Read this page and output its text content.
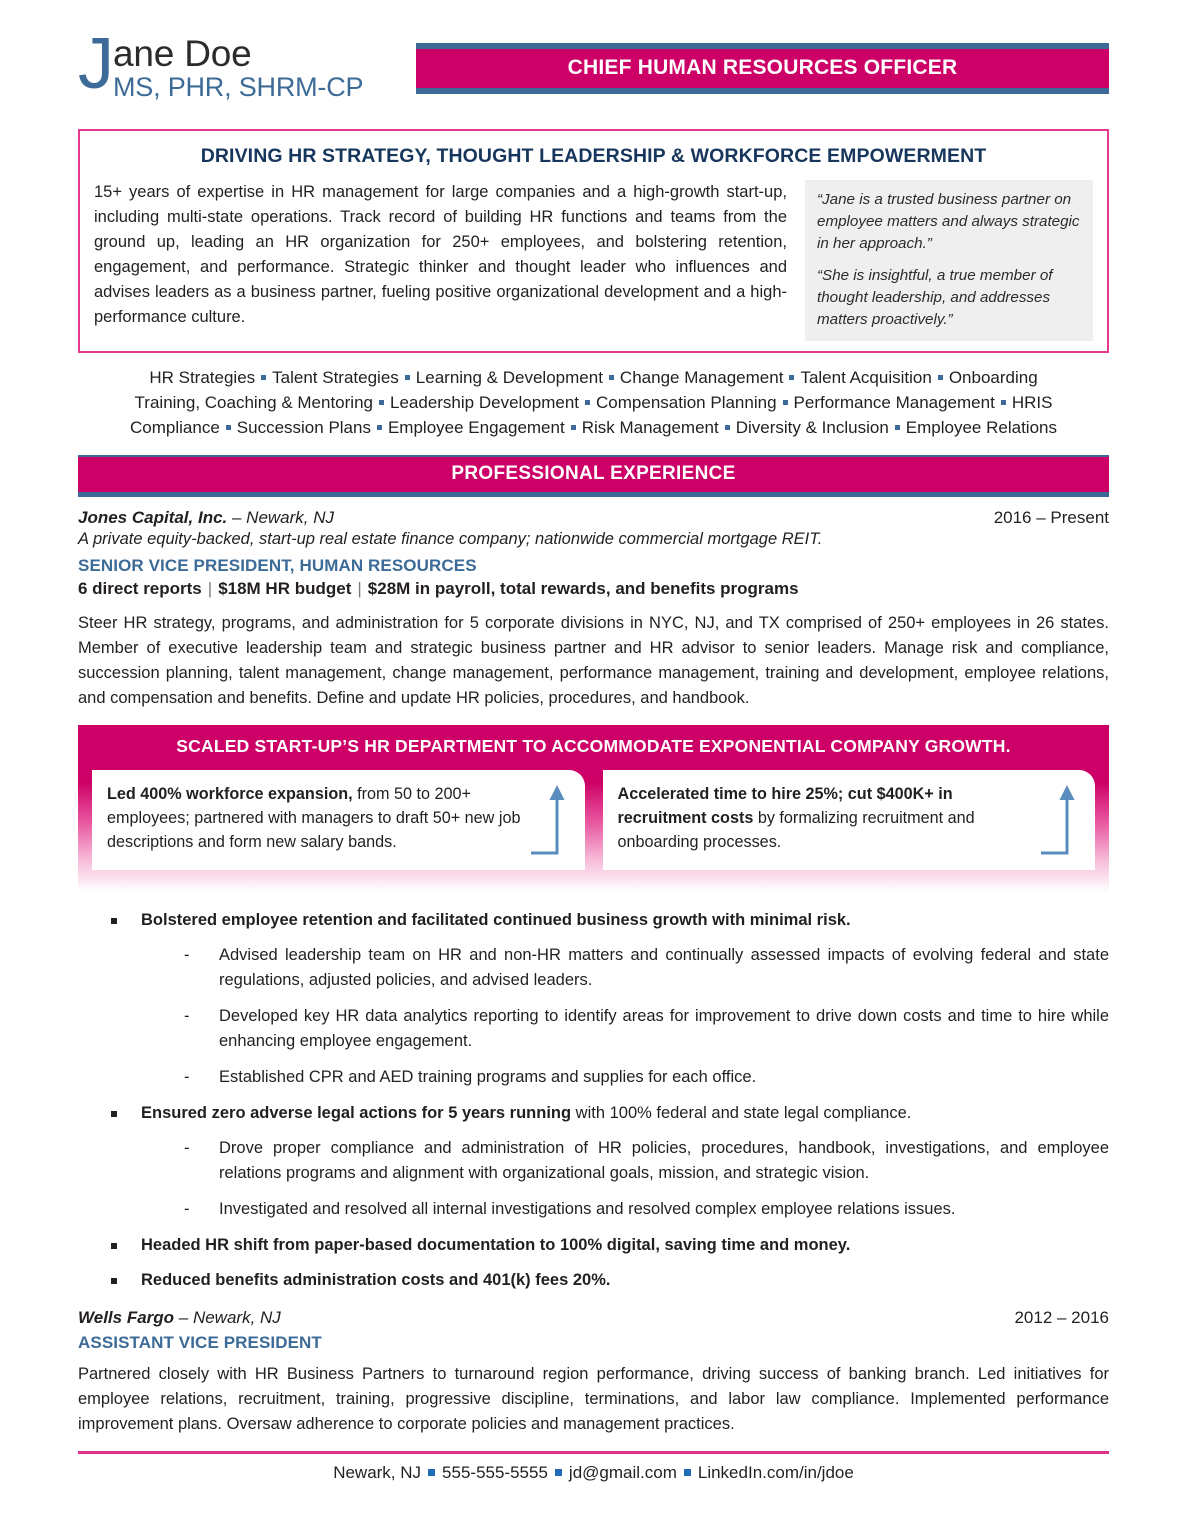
J ane Doe
MS, PHR, SHRM-CP
CHIEF HUMAN RESOURCES OFFICER
DRIVING HR STRATEGY, THOUGHT LEADERSHIP & WORKFORCE EMPOWERMENT
15+ years of expertise in HR management for large companies and a high-growth start-up, including multi-state operations. Track record of building HR functions and teams from the ground up, leading an HR organization for 250+ employees, and bolstering retention, engagement, and performance. Strategic thinker and thought leader who influences and advises leaders as a business partner, fueling positive organizational development and a high-performance culture.

“Jane is a trusted business partner on employee matters and always strategic in her approach.”

“She is insightful, a true member of thought leadership, and addresses matters proactively.”

HR Strategies Talent Strategies Learning & Development Change Management Talent Acquisition Onboarding
Training, Coaching & Mentoring Leadership Development Compensation Planning Performance Management HRIS
Compliance Succession Plans Employee Engagement Risk Management Diversity & Inclusion Employee Relations
PROFESSIONAL EXPERIENCE
Jones Capital, Inc. – Newark, NJ	2016 – Present
A private equity-backed, start-up real estate finance company; nationwide commercial mortgage REIT.
SENIOR VICE PRESIDENT, HUMAN RESOURCES
6 direct reports | $18M HR budget | $28M in payroll, total rewards, and benefits programs
Steer HR strategy, programs, and administration for 5 corporate divisions in NYC, NJ, and TX comprised of 250+ employees in 26 states. Member of executive leadership team and strategic business partner and HR advisor to senior leaders. Manage risk and compliance, succession planning, talent management, change management, performance management, training and development, employee relations, and compensation and benefits. Define and update HR policies, procedures, and handbook.
SCALED START-UP’S HR DEPARTMENT TO ACCOMMODATE EXPONENTIAL COMPANY GROWTH.
Led 400% workforce expansion, from 50 to 200+ employees; partnered with managers to draft 50+ new job descriptions and form new salary bands.
Accelerated time to hire 25%; cut $400K+ in recruitment costs by formalizing recruitment and onboarding processes.
Bolstered employee retention and facilitated continued business growth with minimal risk.
-	Advised leadership team on HR and non-HR matters and continually assessed impacts of evolving federal and state regulations, adjusted policies, and advised leaders.
-	Developed key HR data analytics reporting to identify areas for improvement to drive down costs and time to hire while enhancing employee engagement.
-	Established CPR and AED training programs and supplies for each office.
Ensured zero adverse legal actions for 5 years running with 100% federal and state legal compliance.
-	Drove proper compliance and administration of HR policies, procedures, handbook, investigations, and employee relations programs and alignment with organizational goals, mission, and strategic vision.
-	Investigated and resolved all internal investigations and resolved complex employee relations issues.
Headed HR shift from paper-based documentation to 100% digital, saving time and money.
Reduced benefits administration costs and 401(k) fees 20%.
Wells Fargo – Newark, NJ	2012 – 2016
ASSISTANT VICE PRESIDENT
Partnered closely with HR Business Partners to turnaround region performance, driving success of banking branch. Led initiatives for employee relations, recruitment, training, progressive discipline, terminations, and labor law compliance. Implemented performance improvement plans. Oversaw adherence to corporate policies and management practices.
Newark, NJ 555-555-5555 jd@gmail.com LinkedIn.com/in/jdoe
